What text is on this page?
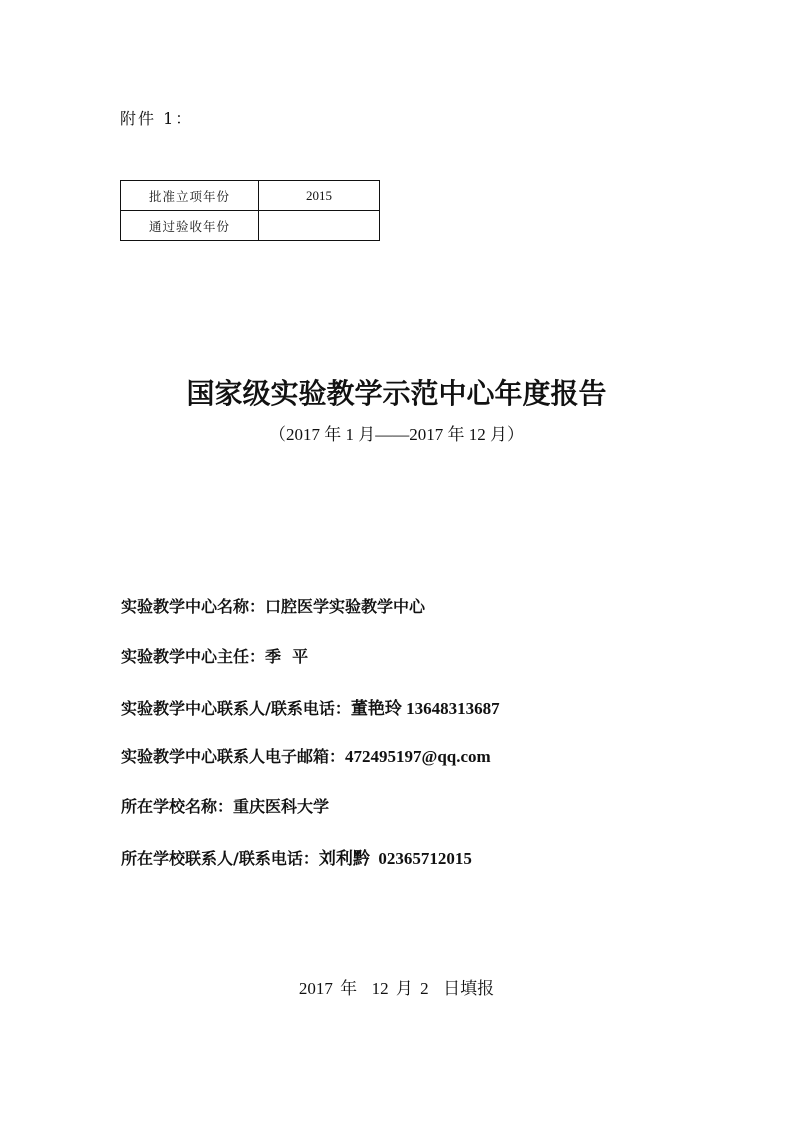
附件 1：
批准立项年份	2015
通过验收年份	
国家级实验教学示范中心年度报告
（2017 年 1 月——2017 年 12 月）
实验教学中心名称：口腔医学实验教学中心
实验教学中心主任：季  平
实验教学中心联系人/联系电话：董艳玲 13648313687
实验教学中心联系人电子邮箱：472495197@qq.com
所在学校名称：重庆医科大学
所在学校联系人/联系电话：刘利黔  02365712015
2017 年  12 月 2  日填报
